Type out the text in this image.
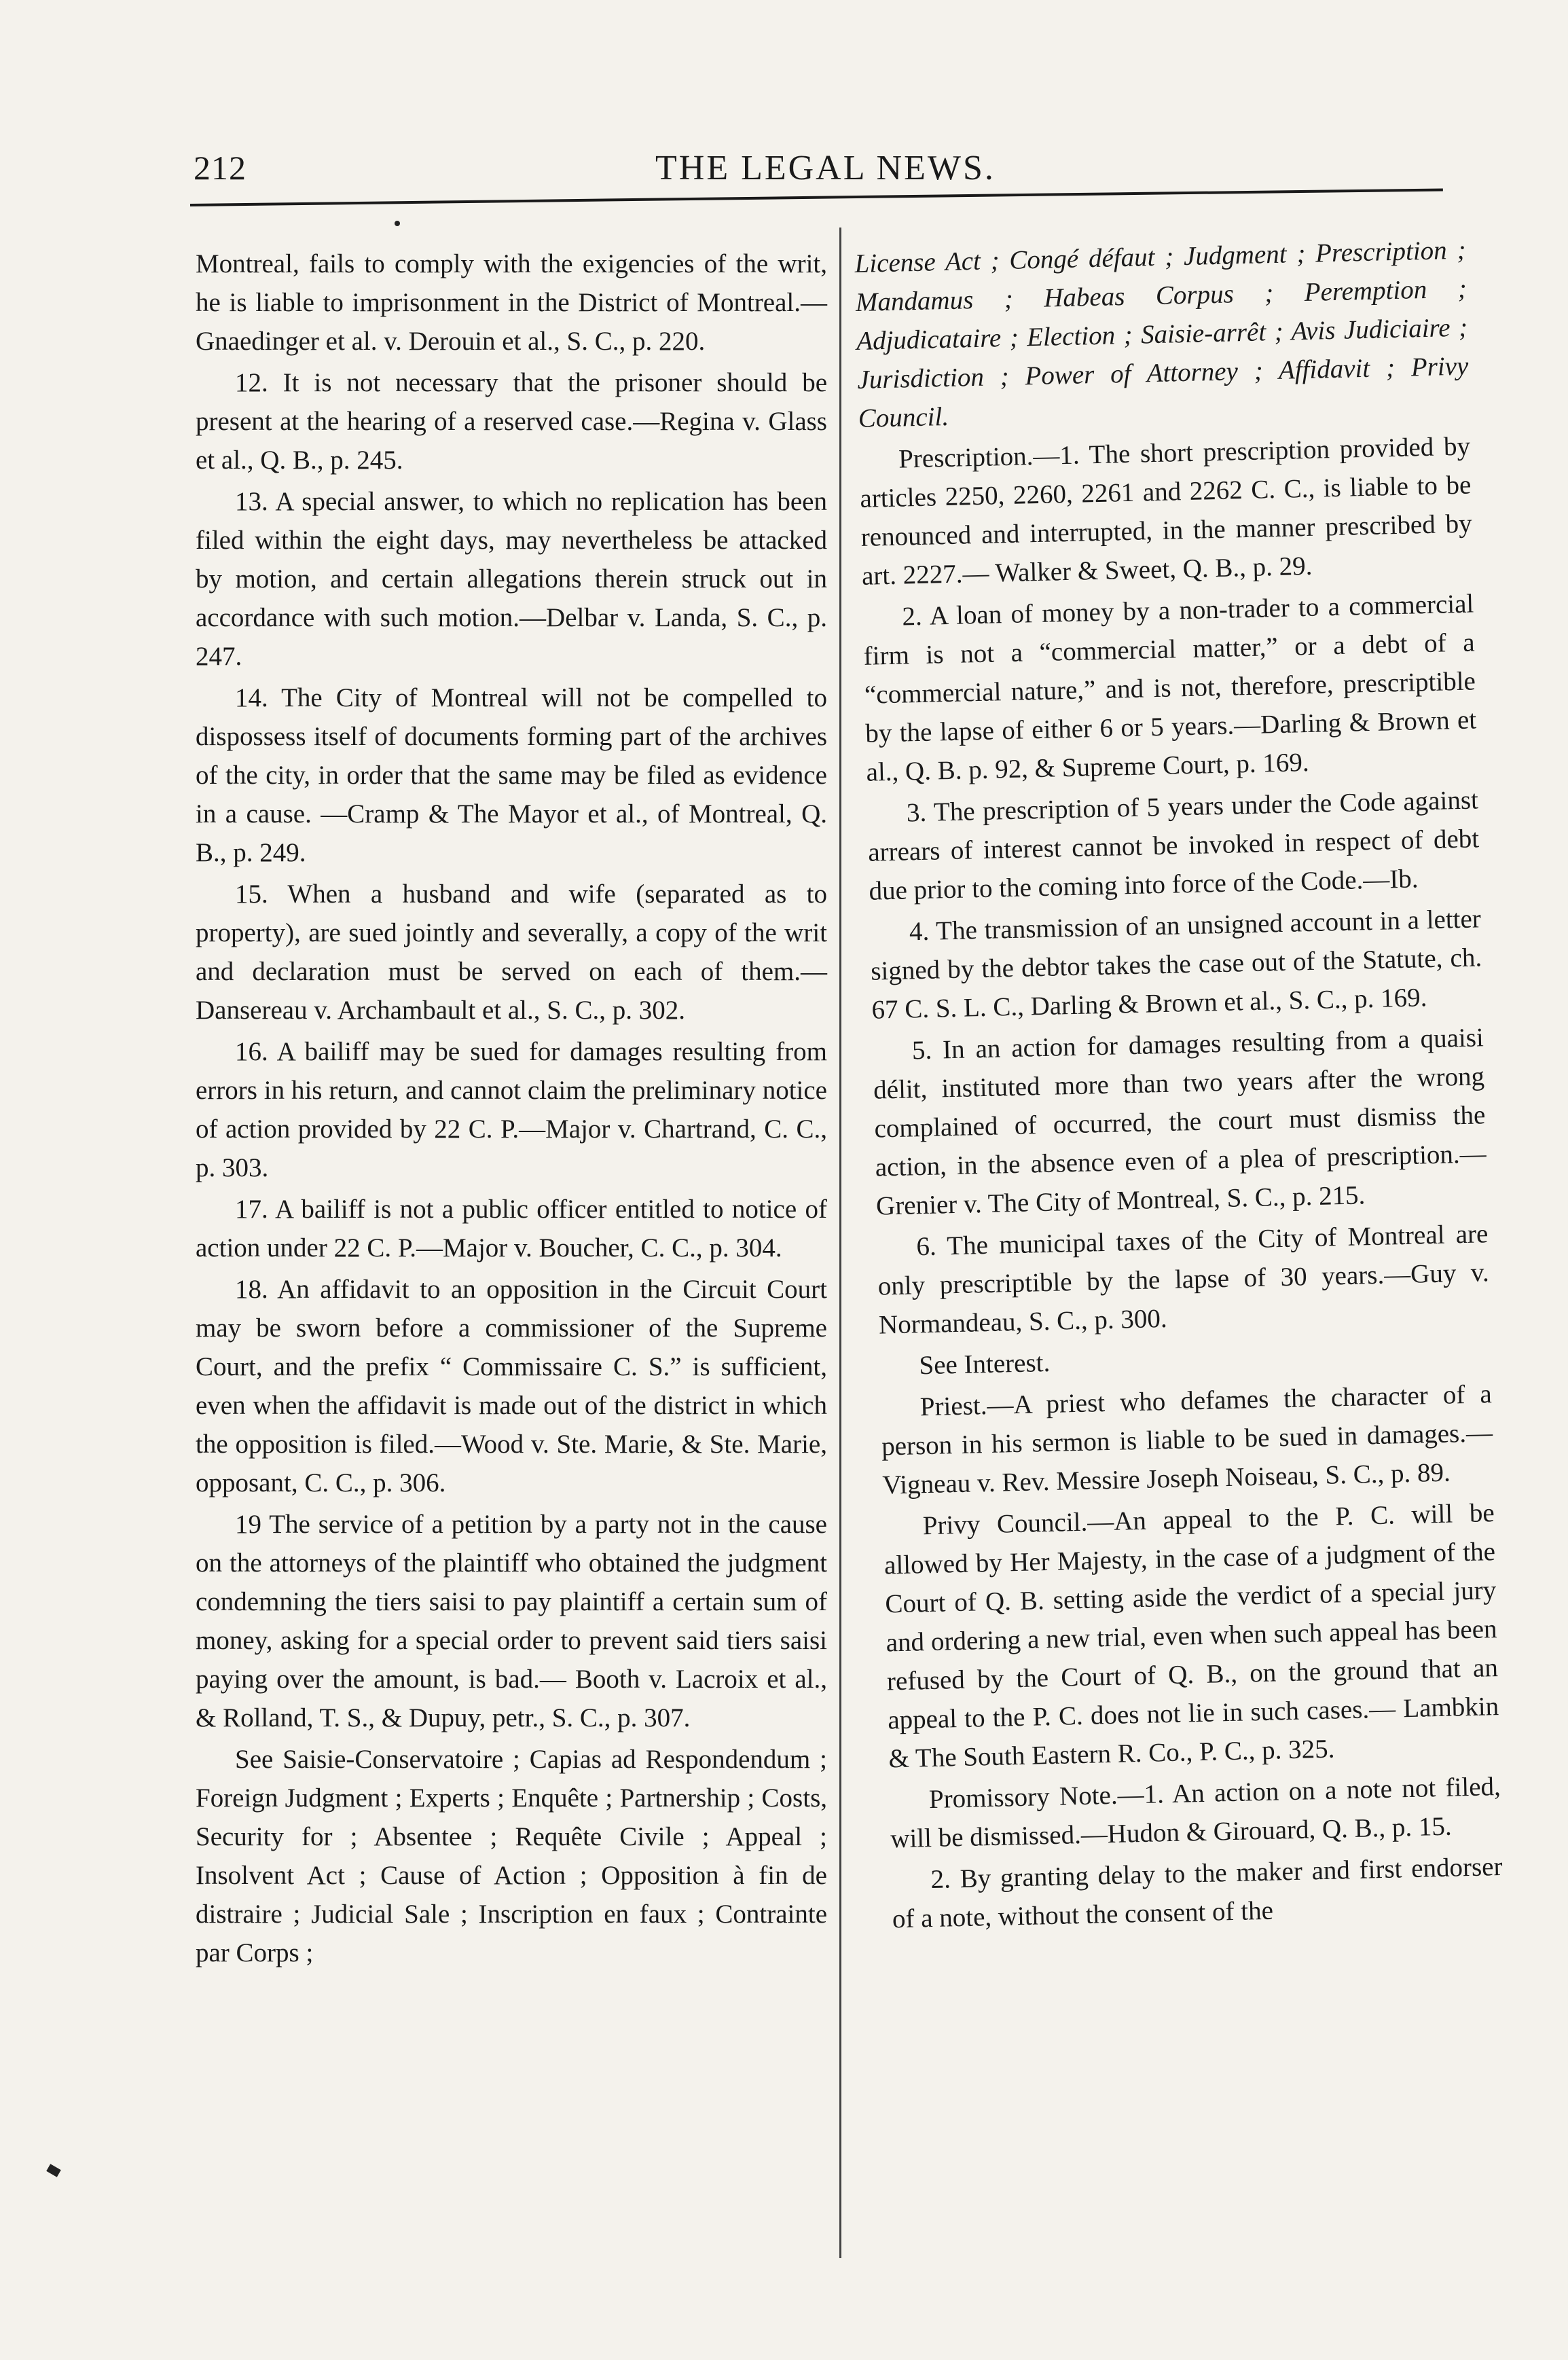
212	THE LEGAL NEWS.

Montreal, fails to comply with the exigencies of the writ, he is liable to imprisonment in the District of Montreal.—Gnaedinger et al. v. Derouin et al., S. C., p. 220.

12. It is not necessary that the prisoner should be present at the hearing of a reserved case.—Regina v. Glass et al., Q. B., p. 245.

13. A special answer, to which no replication has been filed within the eight days, may nevertheless be attacked by motion, and certain allegations therein struck out in accordance with such motion.—Delbar v. Landa, S. C., p. 247.

14. The City of Montreal will not be compelled to dispossess itself of documents forming part of the archives of the city, in order that the same may be filed as evidence in a cause. —Cramp & The Mayor et al., of Montreal, Q. B., p. 249.

15. When a husband and wife (separated as to property), are sued jointly and severally, a copy of the writ and declaration must be served on each of them.—Dansereau v. Archambault et al., S. C., p. 302.

16. A bailiff may be sued for damages resulting from errors in his return, and cannot claim the preliminary notice of action provided by 22 C. P.—Major v. Chartrand, C. C., p. 303.

17. A bailiff is not a public officer entitled to notice of action under 22 C. P.—Major v. Boucher, C. C., p. 304.

18. An affidavit to an opposition in the Circuit Court may be sworn before a commissioner of the Supreme Court, and the prefix “ Commissaire C. S.” is sufficient, even when the affidavit is made out of the district in which the opposition is filed.—Wood v. Ste. Marie, & Ste. Marie, opposant, C. C., p. 306.

19 The service of a petition by a party not in the cause on the attorneys of the plaintiff who obtained the judgment condemning the tiers saisi to pay plaintiff a certain sum of money, asking for a special order to prevent said tiers saisi paying over the amount, is bad.— Booth v. Lacroix et al., & Rolland, T. S., & Dupuy, petr., S. C., p. 307.

See Saisie-Conservatoire ; Capias ad Respondendum ; Foreign Judgment ; Experts ; Enquête ; Partnership ; Costs, Security for ; Absentee ; Requête Civile ; Appeal ; Insolvent Act ; Cause of Action ; Opposition à fin de distraire ; Judicial Sale ; Inscription en faux ; Contrainte par Corps ;

License Act ; Congé défaut ; Judgment ; Prescription ; Mandamus ; Habeas Corpus ; Peremption ; Adjudicataire ; Election ; Saisie-arrêt ; Avis Judiciaire ; Jurisdiction ; Power of Attorney ; Affidavit ; Privy Council.

Prescription.—1. The short prescription provided by articles 2250, 2260, 2261 and 2262 C. C., is liable to be renounced and interrupted, in the manner prescribed by art. 2227.— Walker & Sweet, Q. B., p. 29.

2. A loan of money by a non-trader to a commercial firm is not a “commercial matter,” or a debt of a “commercial nature,” and is not, therefore, prescriptible by the lapse of either 6 or 5 years.—Darling & Brown et al., Q. B. p. 92, & Supreme Court, p. 169.

3. The prescription of 5 years under the Code against arrears of interest cannot be invoked in respect of debt due prior to the coming into force of the Code.—Ib.

4. The transmission of an unsigned account in a letter signed by the debtor takes the case out of the Statute, ch. 67 C. S. L. C., Darling & Brown et al., S. C., p. 169.

5. In an action for damages resulting from a quaisi délit, instituted more than two years after the wrong complained of occurred, the court must dismiss the action, in the absence even of a plea of prescription.—Grenier v. The City of Montreal, S. C., p. 215.

6. The municipal taxes of the City of Montreal are only prescriptible by the lapse of 30 years.—Guy v. Normandeau, S. C., p. 300.

See Interest.

Priest.—A priest who defames the character of a person in his sermon is liable to be sued in damages.—Vigneau v. Rev. Messire Joseph Noiseau, S. C., p. 89.

Privy Council.—An appeal to the P. C. will be allowed by Her Majesty, in the case of a judgment of the Court of Q. B. setting aside the verdict of a special jury and ordering a new trial, even when such appeal has been refused by the Court of Q. B., on the ground that an appeal to the P. C. does not lie in such cases.— Lambkin & The South Eastern R. Co., P. C., p. 325.

Promissory Note.—1. An action on a note not filed, will be dismissed.—Hudon & Girouard, Q. B., p. 15.

2. By granting delay to the maker and first endorser of a note, without the consent of the
